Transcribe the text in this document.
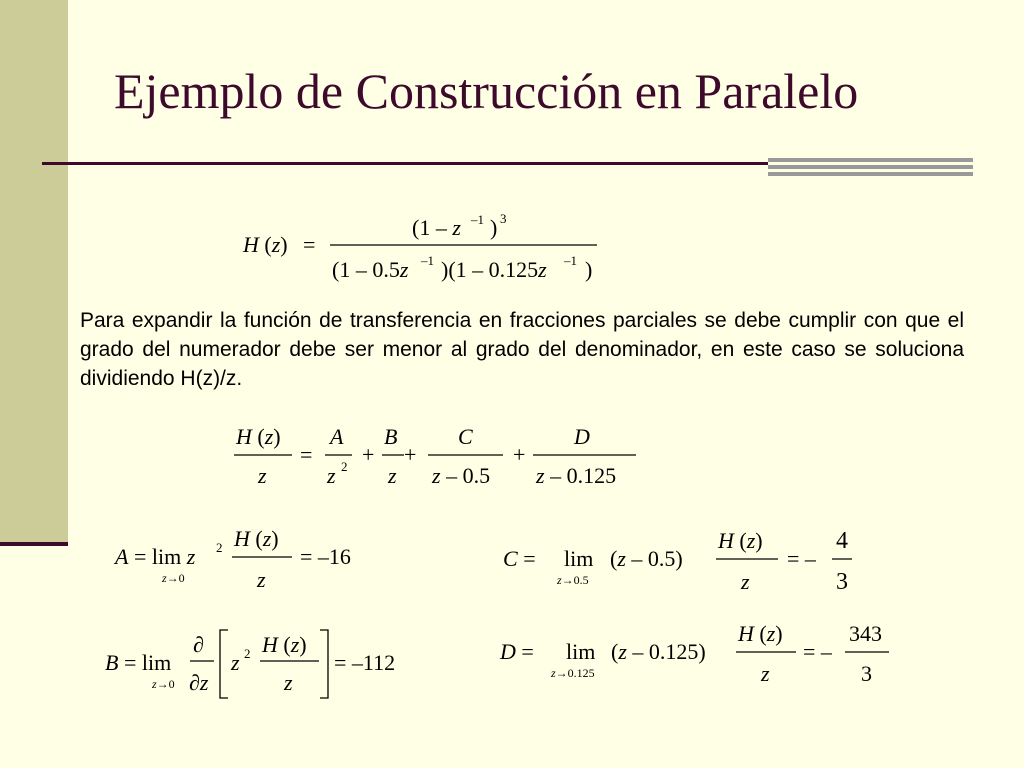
Ejemplo de Construcción en Paralelo

Para expandir la función de transferencia en fracciones parciales se debe cumplir con que el grado del numerador debe ser menor al grado del denominador, en este caso se soluciona dividiendo H(z)/z.

H (z) =
(1 – z –1 ) 3
(1 – 0.5z –1 )(1 – 0.125z –1 )
H (z)
z
=
A
z 2 +
B
z
+
C
z – 0.5
+
D
z – 0.125
A = lim z 2
z→0
H (z)
z
= –16
B = lim
z→0
∂
∂z
z 2 H (z)
z
= –112
C = lim
z→0.5
(z – 0.5)
H (z)
z
= –
4
3
D = lim
z→0.125
(z – 0.125)
H (z)
z
= –
343
3
